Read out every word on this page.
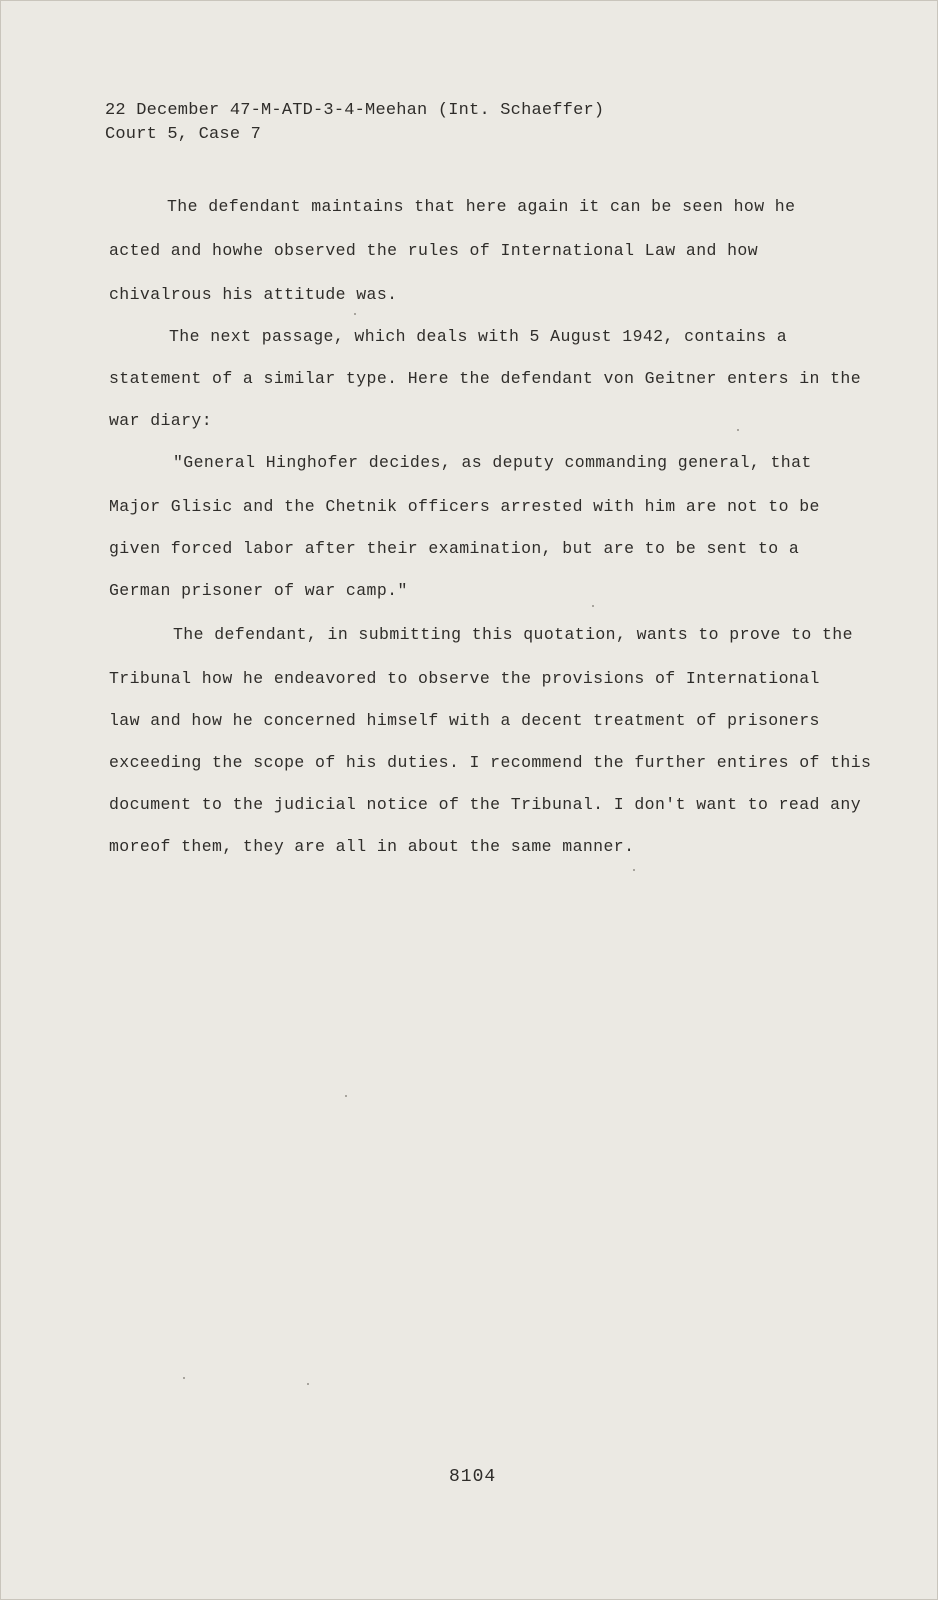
22 December 47-M-ATD-3-4-Meehan (Int. Schaeffer)
Court 5, Case 7
The defendant maintains that here again it can be seen how he
acted and howhe observed the rules of International Law and how
chivalrous his attitude was.
The next passage, which deals with 5 August 1942, contains a
statement of a similar type. Here the defendant von Geitner enters in the
war diary:
"General Hinghofer decides, as deputy commanding general, that
Major Glisic and the Chetnik officers arrested with him are not to be
given forced labor after their examination, but are to be sent to a
German prisoner of war camp."
The defendant, in submitting this quotation, wants to prove to the
Tribunal how he endeavored to observe the provisions of International
law and how he concerned himself with a decent treatment of prisoners
exceeding the scope of his duties. I recommend the further entires of this
document to the judicial notice of the Tribunal. I don't want to read any
moreof them, they are all in about the same manner.
8104
